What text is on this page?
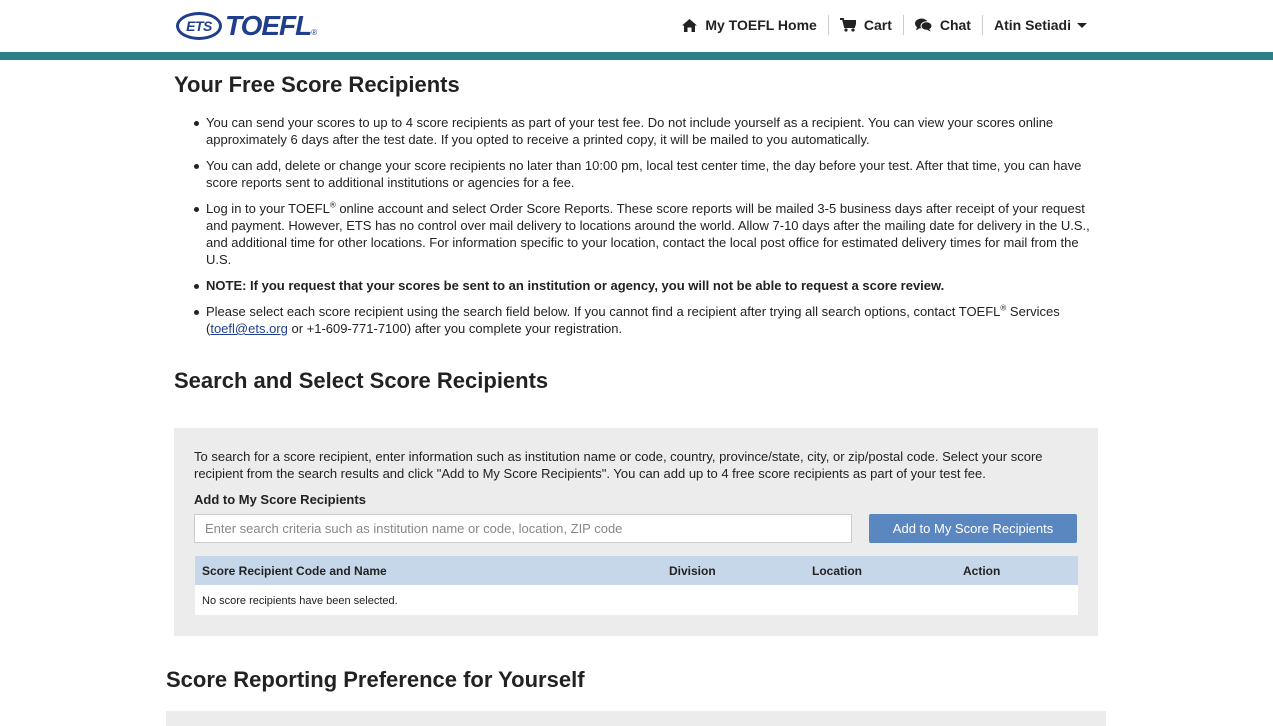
ETS TOEFL ®	My TOEFL Home	Cart	Chat Atin Setiadi
Your Free Score Recipients
You can send your scores to up to 4 score recipients as part of your test fee. Do not include yourself as a recipient. You can view your scores online approximately 6 days after the test date. If you opted to receive a printed copy, it will be mailed to you automatically.
You can add, delete or change your score recipients no later than 10:00 pm, local test center time, the day before your test. After that time, you can have score reports sent to additional institutions or agencies for a fee.
Log in to your TOEFL® online account and select Order Score Reports. These score reports will be mailed 3-5 business days after receipt of your request and payment. However, ETS has no control over mail delivery to locations around the world. Allow 7-10 days after the mailing date for delivery in the U.S., and additional time for other locations. For information specific to your location, contact the local post office for estimated delivery times for mail from the U.S.
NOTE: If you request that your scores be sent to an institution or agency, you will not be able to request a score review.
Please select each score recipient using the search field below. If you cannot find a recipient after trying all search options, contact TOEFL® Services (toefl@ets.org or +1-609-771-7100) after you complete your registration.
Search and Select Score Recipients

To search for a score recipient, enter information such as institution name or code, country, province/state, city, or zip/postal code. Select your score recipient from the search results and click "Add to My Score Recipients". You can add up to 4 free score recipients as part of your test fee.

Add to My Score Recipients
Enter search criteria such as institution name or code, location, ZIP code
Add to My Score Recipients
Score Recipient Code and Name	Division	Location	Action
No score recipients have been selected.
Score Reporting Preference for Yourself
